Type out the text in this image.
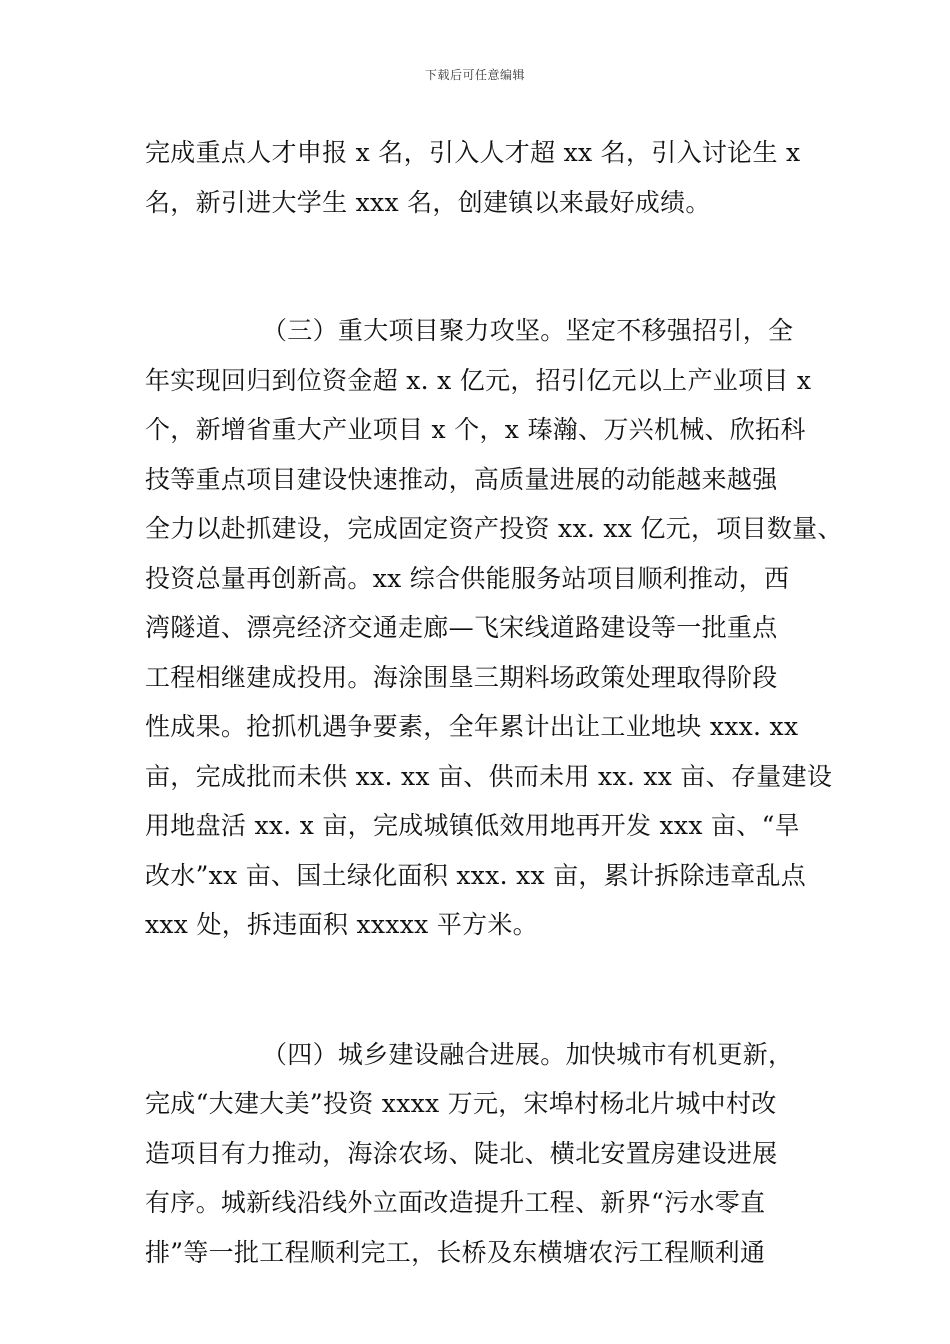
下载后可任意编辑
完成重点人才申报 x 名，引入人才超 xx 名，引入讨论生 x
名，新引进大学生 xxx 名，创建镇以来最好成绩。
（三）重大项目聚力攻坚。坚定不移强招引，全
年实现回归到位资金超 x. x 亿元，招引亿元以上产业项目 x
个，新增省重大产业项目 x 个，x 瑧瀚、万兴机械、欣拓科
技等重点项目建设快速推动，高质量进展的动能越来越强
全力以赴抓建设，完成固定资产投资 xx. xx 亿元，项目数量、
投资总量再创新高。xx 综合供能服务站项目顺利推动，西
湾隧道、漂亮经济交通走廊—飞宋线道路建设等一批重点
工程相继建成投用。海涂围垦三期料场政策处理取得阶段
性成果。抢抓机遇争要素，全年累计出让工业地块 xxx. xx
亩，完成批而未供 xx. xx 亩、供而未用 xx. xx 亩、存量建设
用地盘活 xx. x 亩，完成城镇低效用地再开发 xxx 亩、“旱
改水”xx 亩、国土绿化面积 xxx. xx 亩，累计拆除违章乱点
xxx 处，拆违面积 xxxxx 平方米。
（四）城乡建设融合进展。加快城市有机更新，
完成“大建大美”投资 xxxx 万元，宋埠村杨北片城中村改
造项目有力推动，海涂农场、陡北、横北安置房建设进展
有序。城新线沿线外立面改造提升工程、新界“污水零直
排”等一批工程顺利完工，长桥及东横塘农污工程顺利通
